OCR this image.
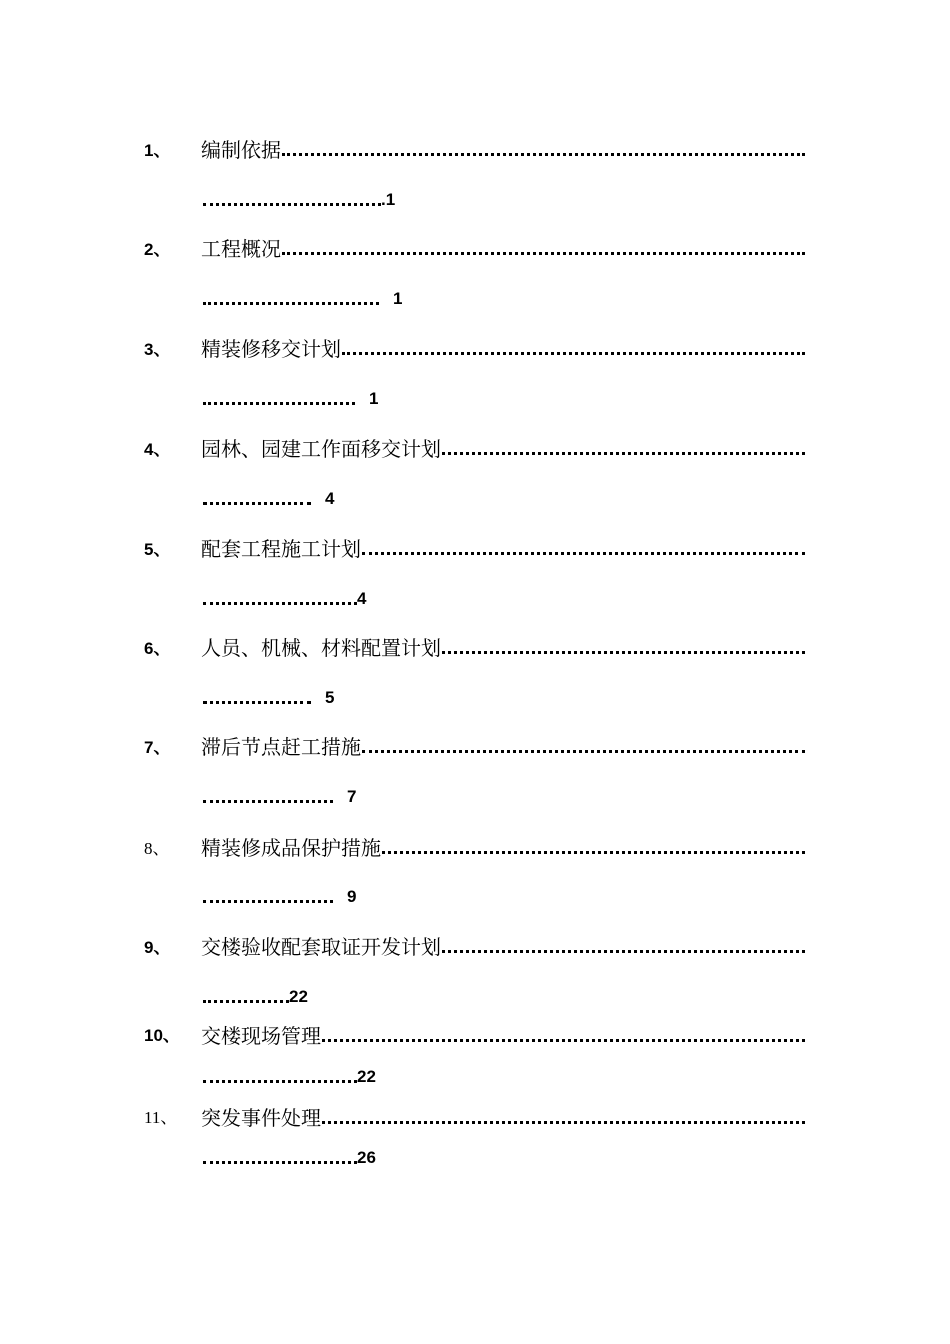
1、 编制依据
.1
2、 工程概况
1
3、 精装修移交计划
1
4、 园林、园建工作面移交计划
4
5、 配套工程施工计划
4
6、 人员、机械、材料配置计划
5
7、 滞后节点赶工措施
7
8、 精装修成品保护措施
9
9、 交楼验收配套取证开发计划
22
10、 交楼现场管理
22
11、 突发事件处理
26
